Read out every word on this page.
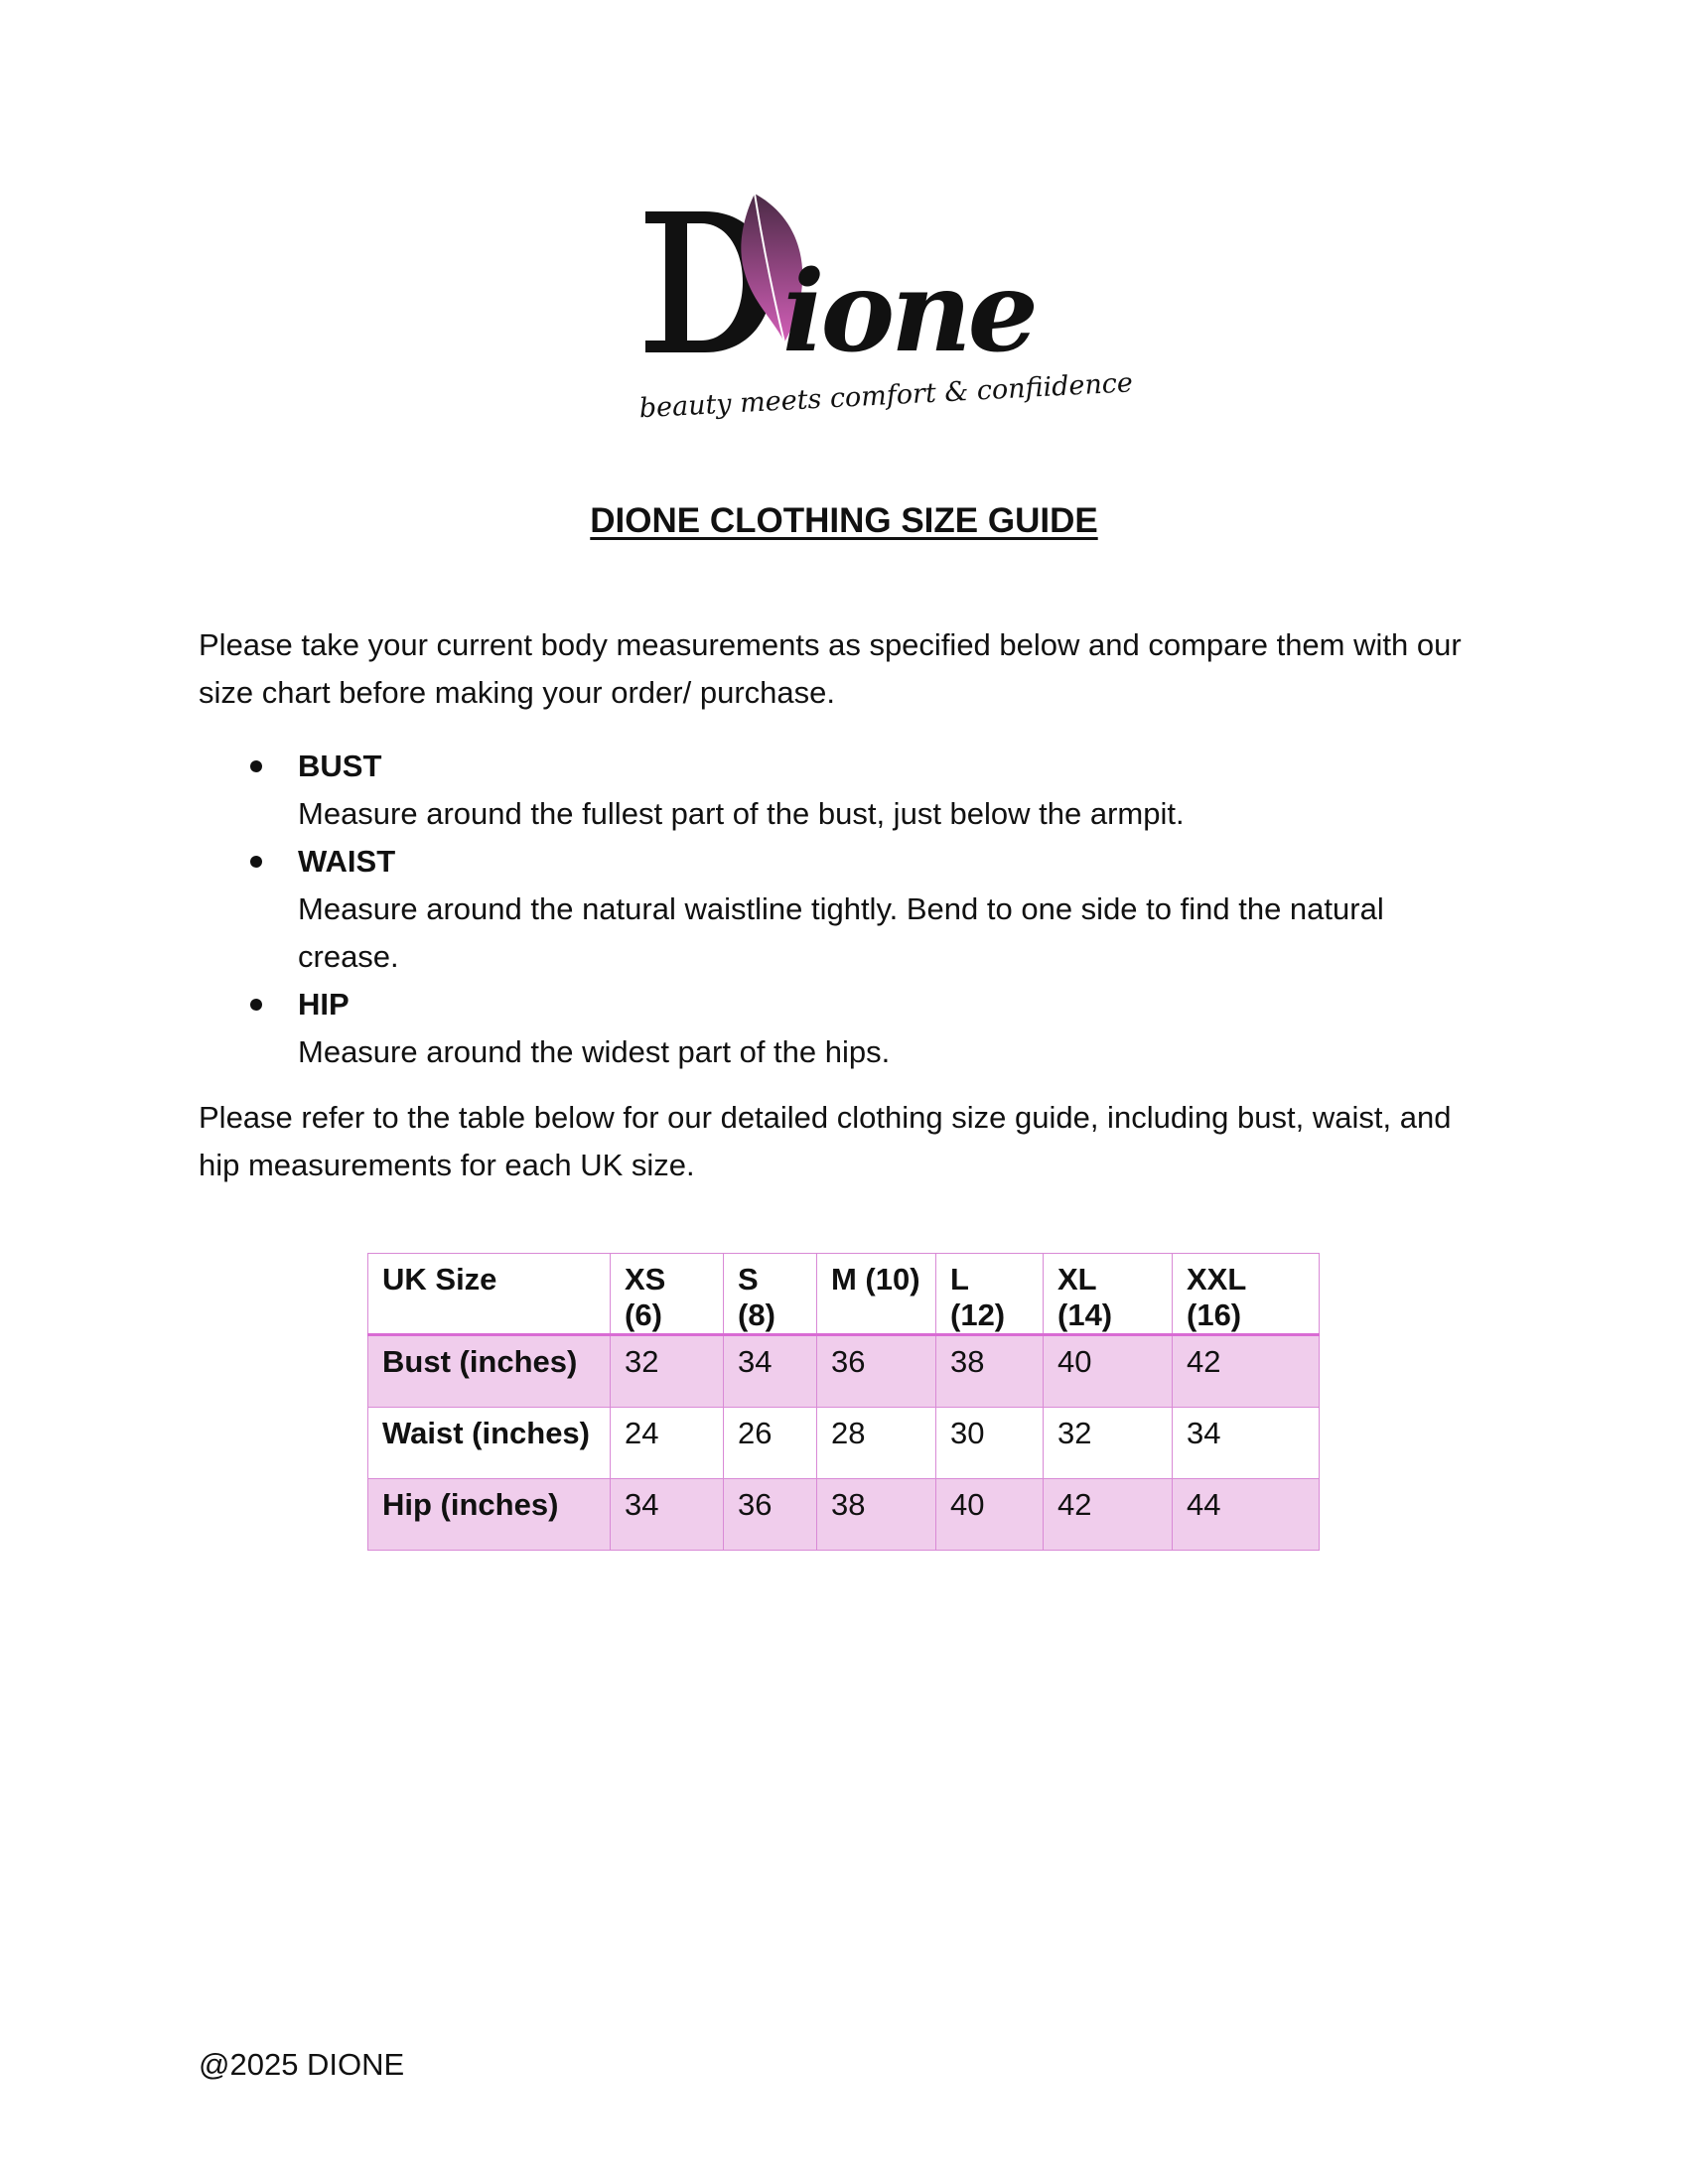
ione
beauty meets comfort & confiidence
DIONE CLOTHING SIZE GUIDE

Please take your current body measurements as specified below and compare them with our size chart before making your order/ purchase.

BUST
Measure around the fullest part of the bust, just below the armpit.
WAIST
Measure around the natural waistline tightly. Bend to one side to find the natural crease.
HIP
Measure around the widest part of the hips.

Please refer to the table below for our detailed clothing size guide, including bust, waist, and hip measurements for each UK size.

UK Size	XS (6)	S (8)	M (10)	L (12)	XL (14)	XXL (16)
Bust (inches)	32	34	36	38	40	42
Waist (inches)	24	26	28	30	32	34
Hip (inches)	34	36	38	40	42	44

@2025 DIONE
